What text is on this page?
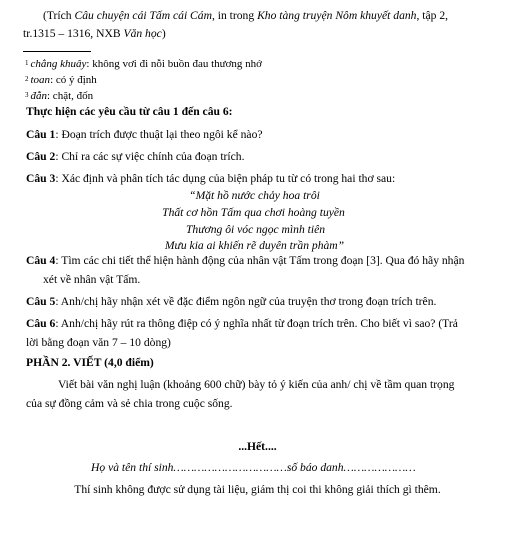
(Trích Câu chuyện cái Tấm cái Cám, in trong Kho tàng truyện Nôm khuyết danh, tập 2,
tr.1315 – 1316, NXB Văn học)
$^1$ chẳng khuây: không vơi đi nỗi buồn đau thương nhớ
$^2$ toan: có ý định
$^3$ đẵn: chặt, đốn
Thực hiện các yêu cầu từ câu 1 đến câu 6:
Câu 1: Đoạn trích được thuật lại theo ngôi kể nào?
Câu 2: Chỉ ra các sự việc chính của đoạn trích.
Câu 3: Xác định và phân tích tác dụng của biện pháp tu từ có trong hai thơ sau:
“Mặt hồ nước chảy hoa trôi
Thất cơ hồn Tấm qua chơi hoàng tuyền
Thương ôi vóc ngọc mình tiên
Mưu kia ai khiến rẽ duyên trần phàm”
Câu 4: Tìm các chi tiết thể hiện hành động của nhân vật Tấm trong đoạn [3]. Qua đó hãy nhận
xét về nhân vật Tấm.
Câu 5: Anh/chị hãy nhận xét về đặc điểm ngôn ngữ của truyện thơ trong đoạn trích trên.
Câu 6: Anh/chị hãy rút ra thông điệp có ý nghĩa nhất từ đoạn trích trên. Cho biết vì sao? (Trả
lời bằng đoạn văn 7 – 10 dòng)
PHẦN 2. VIẾT (4,0 điểm)
Viết bài văn nghị luận (khoảng 600 chữ) bày tỏ ý kiến của anh/ chị về tầm quan trọng
của sự đồng cảm và sẻ chia trong cuộc sống.
...Hết....
Họ và tên thí sinh……………………………số báo danh…………………
Thí sinh không được sử dụng tài liệu, giám thị coi thi không giải thích gì thêm.
